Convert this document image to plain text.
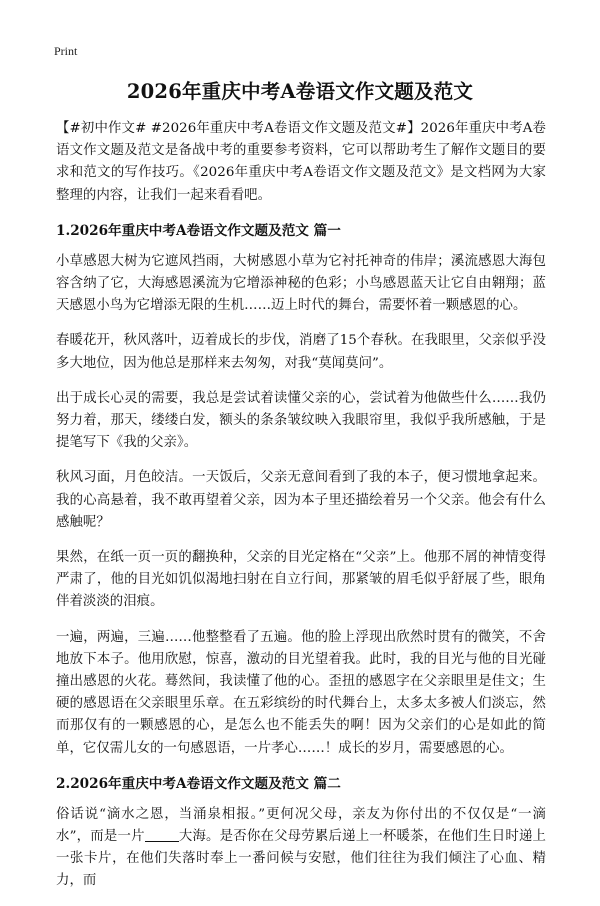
Print
2026年重庆中考A卷语文作文题及范文

【#初中作文# #2026年重庆中考A卷语文作文题及范文#】2026年重庆中考A卷语文作文题及范文是备战中考的重要参考资料，它可以帮助考生了解作文题目的要求和范文的写作技巧。《2026年重庆中考A卷语文作文题及范文》是文档网为大家整理的内容，让我们一起来看看吧。

1.2026年重庆中考A卷语文作文题及范文 篇一

小草感恩大树为它遮风挡雨，大树感恩小草为它衬托神奇的伟岸；溪流感恩大海包容含纳了它，大海感恩溪流为它增添神秘的色彩；小鸟感恩蓝天让它自由翱翔；蓝天感恩小鸟为它增添无限的生机……迈上时代的舞台，需要怀着一颗感恩的心。

春暖花开，秋风落叶，迈着成长的步伐，消磨了15个春秋。在我眼里，父亲似乎没多大地位，因为他总是那样来去匆匆，对我“莫闻莫问”。

出于成长心灵的需要，我总是尝试着读懂父亲的心，尝试着为他做些什么……我仍努力着，那天，缕缕白发，额头的条条皱纹映入我眼帘里，我似乎我所感触，于是提笔写下《我的父亲》。

秋风习面，月色皎洁。一天饭后，父亲无意间看到了我的本子，便习惯地拿起来。我的心高悬着，我不敢再望着父亲，因为本子里还描绘着另一个父亲。他会有什么感触呢？

果然，在纸一页一页的翻换种，父亲的目光定格在“父亲”上。他那不屑的神情变得严肃了，他的目光如饥似渴地扫射在自立行间，那紧皱的眉毛似乎舒展了些，眼角伴着淡淡的泪痕。

一遍，两遍，三遍……他整整看了五遍。他的脸上浮现出欣然时贯有的微笑，不舍地放下本子。他用欣慰，惊喜，激动的目光望着我。此时，我的目光与他的目光碰撞出感恩的火花。蓦然间，我读懂了他的心。歪扭的感恩字在父亲眼里是佳文；生硬的感恩语在父亲眼里乐章。在五彩缤纷的时代舞台上，太多太多被人们淡忘，然而那仅有的一颗感恩的心，是怎么也不能丢失的啊！因为父亲们的心是如此的简单，它仅需儿女的一句感恩语，一片孝心……！成长的岁月，需要感恩的心。

2.2026年重庆中考A卷语文作文题及范文 篇二

俗话说“滴水之恩，当涌泉相报。”更何况父母，亲友为你付出的不仅仅是“一滴水”，而是一片	大海。是否你在父母劳累后递上一杯暖茶，在他们生日时递上一张卡片，在他们失落时奉上一番问候与安慰，他们往往为我们倾注了心血、精力，而
